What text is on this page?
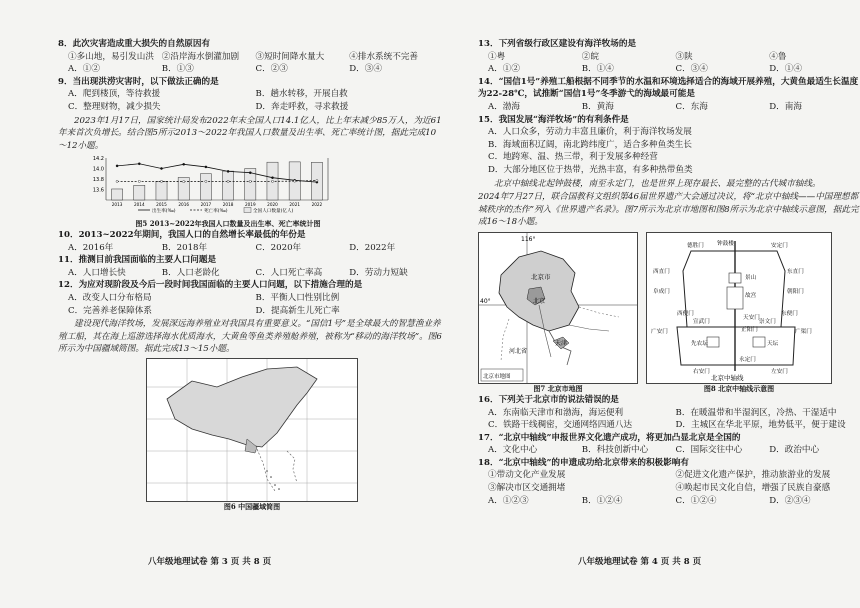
8．此次灾害造成重大损失的自然原因有

①多山地，易引发山洪 ②沿岸海水倒灌加剧	③短时间降水量大	④排水系统不完善
A．①②	B．①③	C．②③	D．③④

9．当出现洪涝灾害时，以下做法正确的是

A．爬到楼顶，等待救援	B．趟水转移，开展自救
C．整理财物，减少损失	D．奔走呼救，寻求救援

2023年1月17日，国家统计局发布2022年末全国人口14.1亿人，比上年末减少85万人，为近61年来首次负增长。结合图5所示2013～2022年我国人口数量及出生率、死亡率统计图，据此完成10～12小题。

14.2
14.0
13.8
13.6
2013	2014	2015	2016	2017	2018	2019	2020	2021	2022
出生率(‰)	死亡率(‰)	全国人口数量(亿人)
图5 2013~2022年我国人口数量及出生率、死亡率统计图

10．2013~2022年期间，我国人口的自然增长率最低的年份是

A．2016年	B．2018年	C．2020年	D．2022年

11．推测目前我国面临的主要人口问题是

A．人口增长快	B．人口老龄化	C．人口死亡率高	D．劳动力短缺

12．为应对现阶段及今后一段时间我国面临的主要人口问题，以下措施合理的是

A．改变人口分布格局	B．平衡人口性别比例
C．完善养老保障体系	D．提高新生儿死亡率

建设现代海洋牧场，发展深远海养殖业对我国具有重要意义。“国信1号”是全球最大的智慧渔业养殖工船，其在海上巡游选择海水优质海水，大黄鱼等鱼类养殖舱养殖，被称为“移动的海洋牧场”。图6所示为中国疆域简图。据此完成13～15小题。

图6 中国疆域简图
八年级地理试卷 第 3 页 共 8 页

13．下列省级行政区建设有海洋牧场的是

①粤	②皖	③陕	④鲁
A．①②	B．①④	C．③④	D．①④

14．“国信1号”养殖工船根据不同季节的水温和环境选择适合的海域开展养殖，大黄鱼最适生长温度为22-28℃，试推断“国信1号”冬季游弋的海域最可能是

A．渤海	B．黄海	C．东海	D．南海

15．我国发展“海洋牧场”的有利条件是

A．人口众多，劳动力丰富且廉价，利于海洋牧场发展
B．海域面积辽阔，南北跨纬度广，适合多种鱼类生长
C．地跨寒、温、热三带，利于发展多种经营
D．大部分地区位于热带，光热丰富，有多种热带鱼类

北京中轴线北起钟鼓楼，南至永定门，也是世界上现存最长、最完整的古代城市轴线。

2024年7月27日，联合国教科文组织第46届世界遗产大会通过决议，将“北京中轴线——中国理想都城秩序的杰作”列入《世界遗产名录》。图7所示为北京市地图和图8所示为北京中轴线示意图，据此完成16～18小题。

116°
40°
北京市
北京
天津
河北省
北京市地图
图7 北京市地图
钟鼓楼	安定门
德胜门
西直门	东直门
景山
故宫
阜成门	朝阳门
西便门
天安门
东便门
广安门	广渠门
宣武门
正阳门
崇文门
永定门
右安门	左安门
天坛
先农坛
北京中轴线
图8 北京中轴线示意图

16．下列关于北京市的说法错误的是

A．东南临天津市和渤海，海运便利	B．在暖温带和半湿润区，冷热、干湿适中
C．铁路干线稠密，交通网络四通八达	D．主城区在华北平原，地势低平，便于建设

17．“北京中轴线”申报世界文化遗产成功，将更加凸显北京是全国的

A．文化中心	B．科技创新中心	C．国际交往中心	D．政治中心

18．“北京中轴线”的申遗成功给北京带来的积极影响有

①带动文化产业发展	②促进文化遗产保护，推动旅游业的发展
③解决市区交通拥堵	④唤起市民文化自信，增强了民族自豪感
A．①②③	B．①②④	C．①②④	D．②③④
八年级地理试卷 第 4 页 共 8 页
